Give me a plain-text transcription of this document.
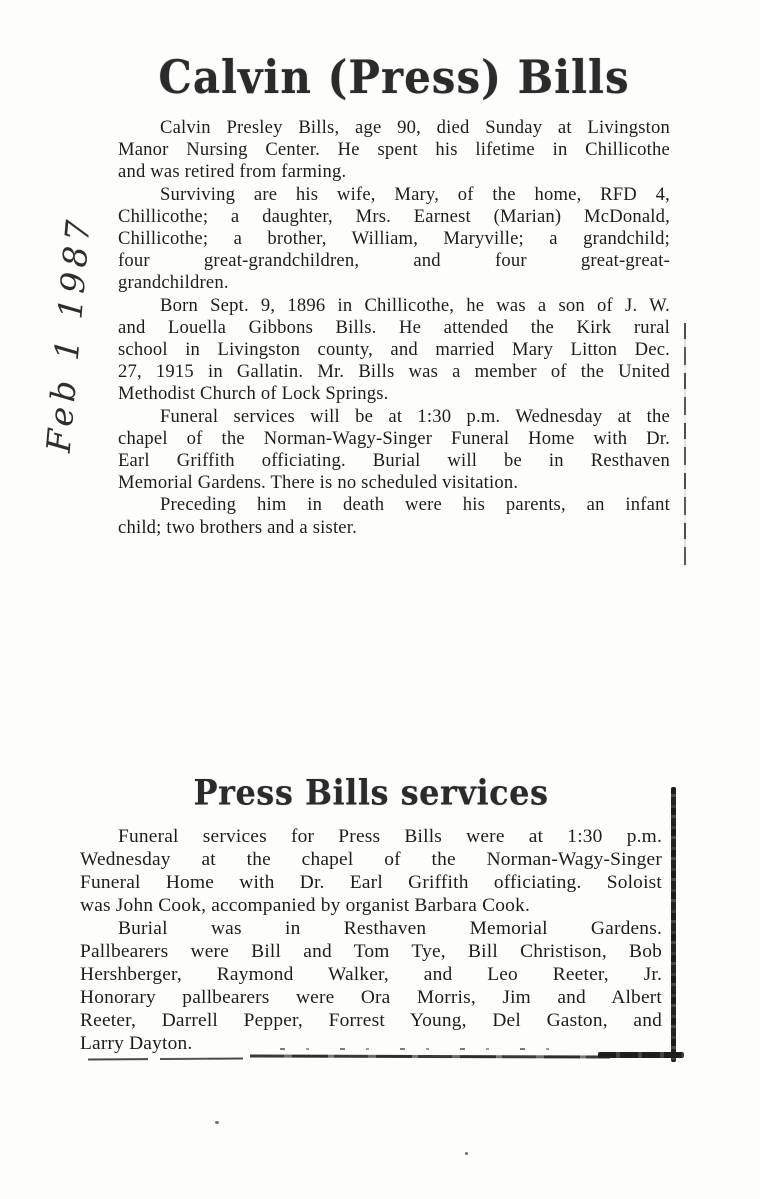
Feb 1 1987
Calvin (Press) Bills
Calvin Presley Bills, age 90, died Sunday at Livingston
Manor Nursing Center. He spent his lifetime in Chillicothe
and was retired from farming.
Surviving are his wife, Mary, of the home, RFD 4,
Chillicothe; a daughter, Mrs. Earnest (Marian) McDonald,
Chillicothe; a brother, William, Maryville; a grandchild;
four great-grandchildren, and four great-great-
grandchildren.
Born Sept. 9, 1896 in Chillicothe, he was a son of J. W.
and Louella Gibbons Bills. He attended the Kirk rural
school in Livingston county, and married Mary Litton Dec.
27, 1915 in Gallatin. Mr. Bills was a member of the United
Methodist Church of Lock Springs.
Funeral services will be at 1:30 p.m. Wednesday at the
chapel of the Norman-Wagy-Singer Funeral Home with Dr.
Earl Griffith officiating. Burial will be in Resthaven
Memorial Gardens. There is no scheduled visitation.
Preceding him in death were his parents, an infant
child; two brothers and a sister.
Press Bills services
Funeral services for Press Bills were at 1:30 p.m.
Wednesday at the chapel of the Norman-Wagy-Singer
Funeral Home with Dr. Earl Griffith officiating. Soloist
was John Cook, accompanied by organist Barbara Cook.
Burial was in Resthaven Memorial Gardens.
Pallbearers were Bill and Tom Tye, Bill Christison, Bob
Hershberger, Raymond Walker, and Leo Reeter, Jr.
Honorary pallbearers were Ora Morris, Jim and Albert
Reeter, Darrell Pepper, Forrest Young, Del Gaston, and
Larry Dayton.
